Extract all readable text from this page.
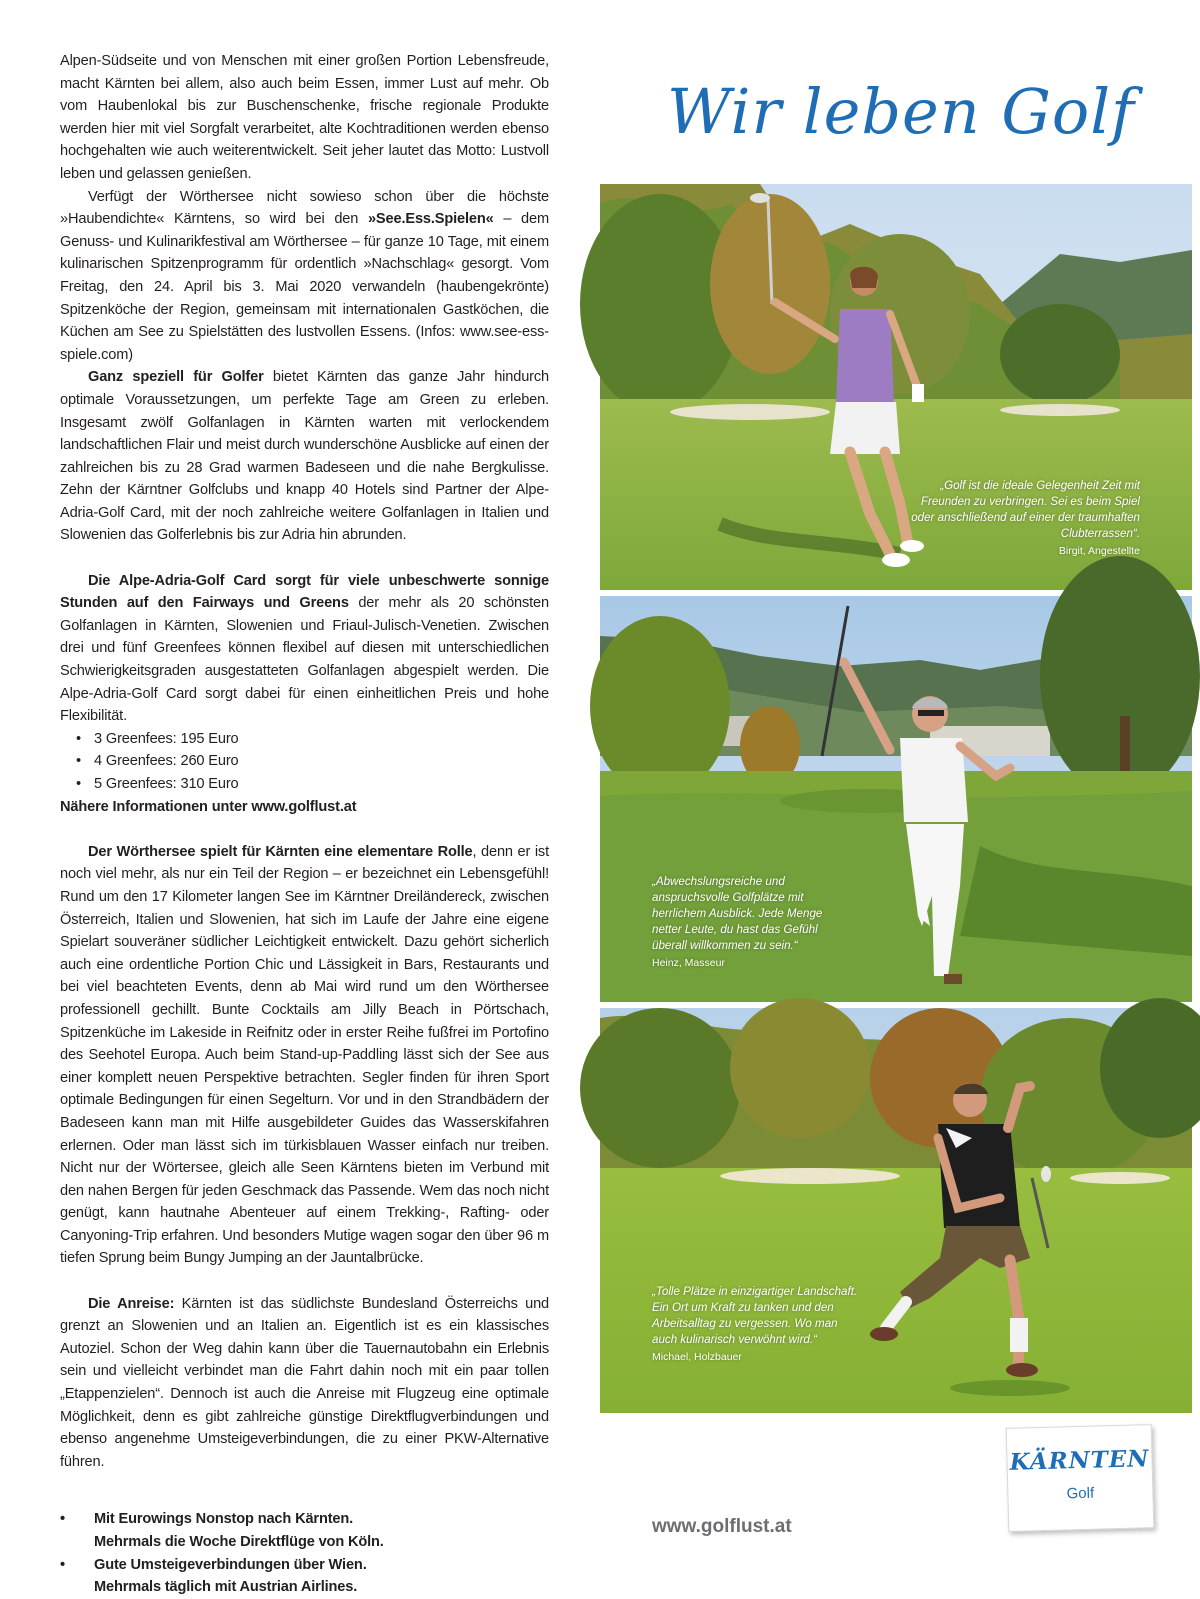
Alpen-Südseite und von Menschen mit einer großen Portion Lebensfreude, macht Kärnten bei allem, also auch beim Essen, immer Lust auf mehr. Ob vom Haubenlokal bis zur Buschenschenke, frische regionale Produkte werden hier mit viel Sorgfalt verarbeitet, alte Kochtraditionen werden ebenso hochgehalten wie auch weiterentwickelt. Seit jeher lautet das Motto: Lustvoll leben und gelassen genießen.

Verfügt der Wörthersee nicht sowieso schon über die höchste »Haubendichte« Kärntens, so wird bei den »See.Ess.Spielen« – dem Genuss- und Kulinarikfestival am Wörthersee – für ganze 10 Tage, mit einem kulinarischen Spitzenprogramm für ordentlich »Nachschlag« gesorgt. Vom Freitag, den 24. April bis 3. Mai 2020 verwandeln (haubengekrönte) Spitzenköche der Region, gemeinsam mit internationalen Gastköchen, die Küchen am See zu Spielstätten des lustvollen Essens. (Infos: www.see-ess-spiele.com)

Ganz speziell für Golfer bietet Kärnten das ganze Jahr hindurch optimale Voraussetzungen, um perfekte Tage am Green zu erleben. Insgesamt zwölf Golfanlagen in Kärnten warten mit verlockendem landschaftlichen Flair und meist durch wunderschöne Ausblicke auf einen der zahlreichen bis zu 28 Grad warmen Badeseen und die nahe Bergkulisse. Zehn der Kärntner Golfclubs und knapp 40 Hotels sind Partner der Alpe-Adria-Golf Card, mit der noch zahlreiche weitere Golfanlagen in Italien und Slowenien das Golferlebnis bis zur Adria hin abrunden.

Die Alpe-Adria-Golf Card sorgt für viele unbeschwerte sonnige Stunden auf den Fairways und Greens der mehr als 20 schönsten Golfanlagen in Kärnten, Slowenien und Friaul-Julisch-Venetien. Zwischen drei und fünf Greenfees können flexibel auf diesen mit unterschiedlichen Schwierigkeitsgraden ausgestatteten Golfanlagen abgespielt werden. Die Alpe-Adria-Golf Card sorgt dabei für einen einheitlichen Preis und hohe Flexibilität.

• 3 Greenfees: 195 Euro
• 4 Greenfees: 260 Euro
• 5 Greenfees: 310 Euro

Nähere Informationen unter www.golflust.at

Der Wörthersee spielt für Kärnten eine elementare Rolle, denn er ist noch viel mehr, als nur ein Teil der Region – er bezeichnet ein Lebensgefühl! Rund um den 17 Kilometer langen See im Kärntner Dreiländereck, zwischen Österreich, Italien und Slowenien, hat sich im Laufe der Jahre eine eigene Spielart souveräner südlicher Leichtigkeit entwickelt. Dazu gehört sicherlich auch eine ordentliche Portion Chic und Lässigkeit in Bars, Restaurants und bei viel beachteten Events, denn ab Mai wird rund um den Wörthersee professionell gechillt. Bunte Cocktails am Jilly Beach in Pörtschach, Spitzenküche im Lakeside in Reifnitz oder in erster Reihe fußfrei im Portofino des Seehotel Europa. Auch beim Stand-up-Paddling lässt sich der See aus einer komplett neuen Perspektive betrachten. Segler finden für ihren Sport optimale Bedingungen für einen Segelturn. Vor und in den Strandbädern der Badeseen kann man mit Hilfe ausgebildeter Guides das Wasserskifahren erlernen. Oder man lässt sich im türkisblauen Wasser einfach nur treiben. Nicht nur der Wörtersee, gleich alle Seen Kärntens bieten im Verbund mit den nahen Bergen für jeden Geschmack das Passende. Wem das noch nicht genügt, kann hautnahe Abenteuer auf einem Trekking-, Rafting- oder Canyoning-Trip erfahren. Und besonders Mutige wagen sogar den über 96 m tiefen Sprung beim Bungy Jumping an der Jauntalbrücke.

Die Anreise: Kärnten ist das südlichste Bundesland Österreichs und grenzt an Slowenien und an Italien an. Eigentlich ist es ein klassisches Autoziel. Schon der Weg dahin kann über die Tauernautobahn ein Erlebnis sein und vielleicht verbindet man die Fahrt dahin noch mit ein paar tollen „Etappenzielen“. Dennoch ist auch die Anreise mit Flugzeug eine optimale Möglichkeit, denn es gibt zahlreiche günstige Direktflugverbindungen und ebenso angenehme Umsteigeverbindungen, die zu einer PKW-Alternative führen.

• Mit Eurowings Nonstop nach Kärnten.
Mehrmals die Woche Direktflüge von Köln.
• Gute Umsteigeverbindungen über Wien.
Mehrmals täglich mit Austrian Airlines.
Wir leben Golf
„Golf ist die ideale Gelegenheit Zeit mit Freunden zu verbringen. Sei es beim Spiel oder anschließend auf einer der traumhaften Clubterrassen“.
Birgit, Angestellte
„Abwechslungsreiche und anspruchsvolle Golfplätze mit herrlichem Ausblick. Jede Menge netter Leute, du hast das Gefühl überall willkommen zu sein.“
Heinz, Masseur
„Tolle Plätze in einzigartiger Landschaft. Ein Ort um Kraft zu tanken und den Arbeitsalltag zu vergessen. Wo man auch kulinarisch verwöhnt wird.“
Michael, Holzbauer
www.golflust.at
KÄRNTEN
Golf
